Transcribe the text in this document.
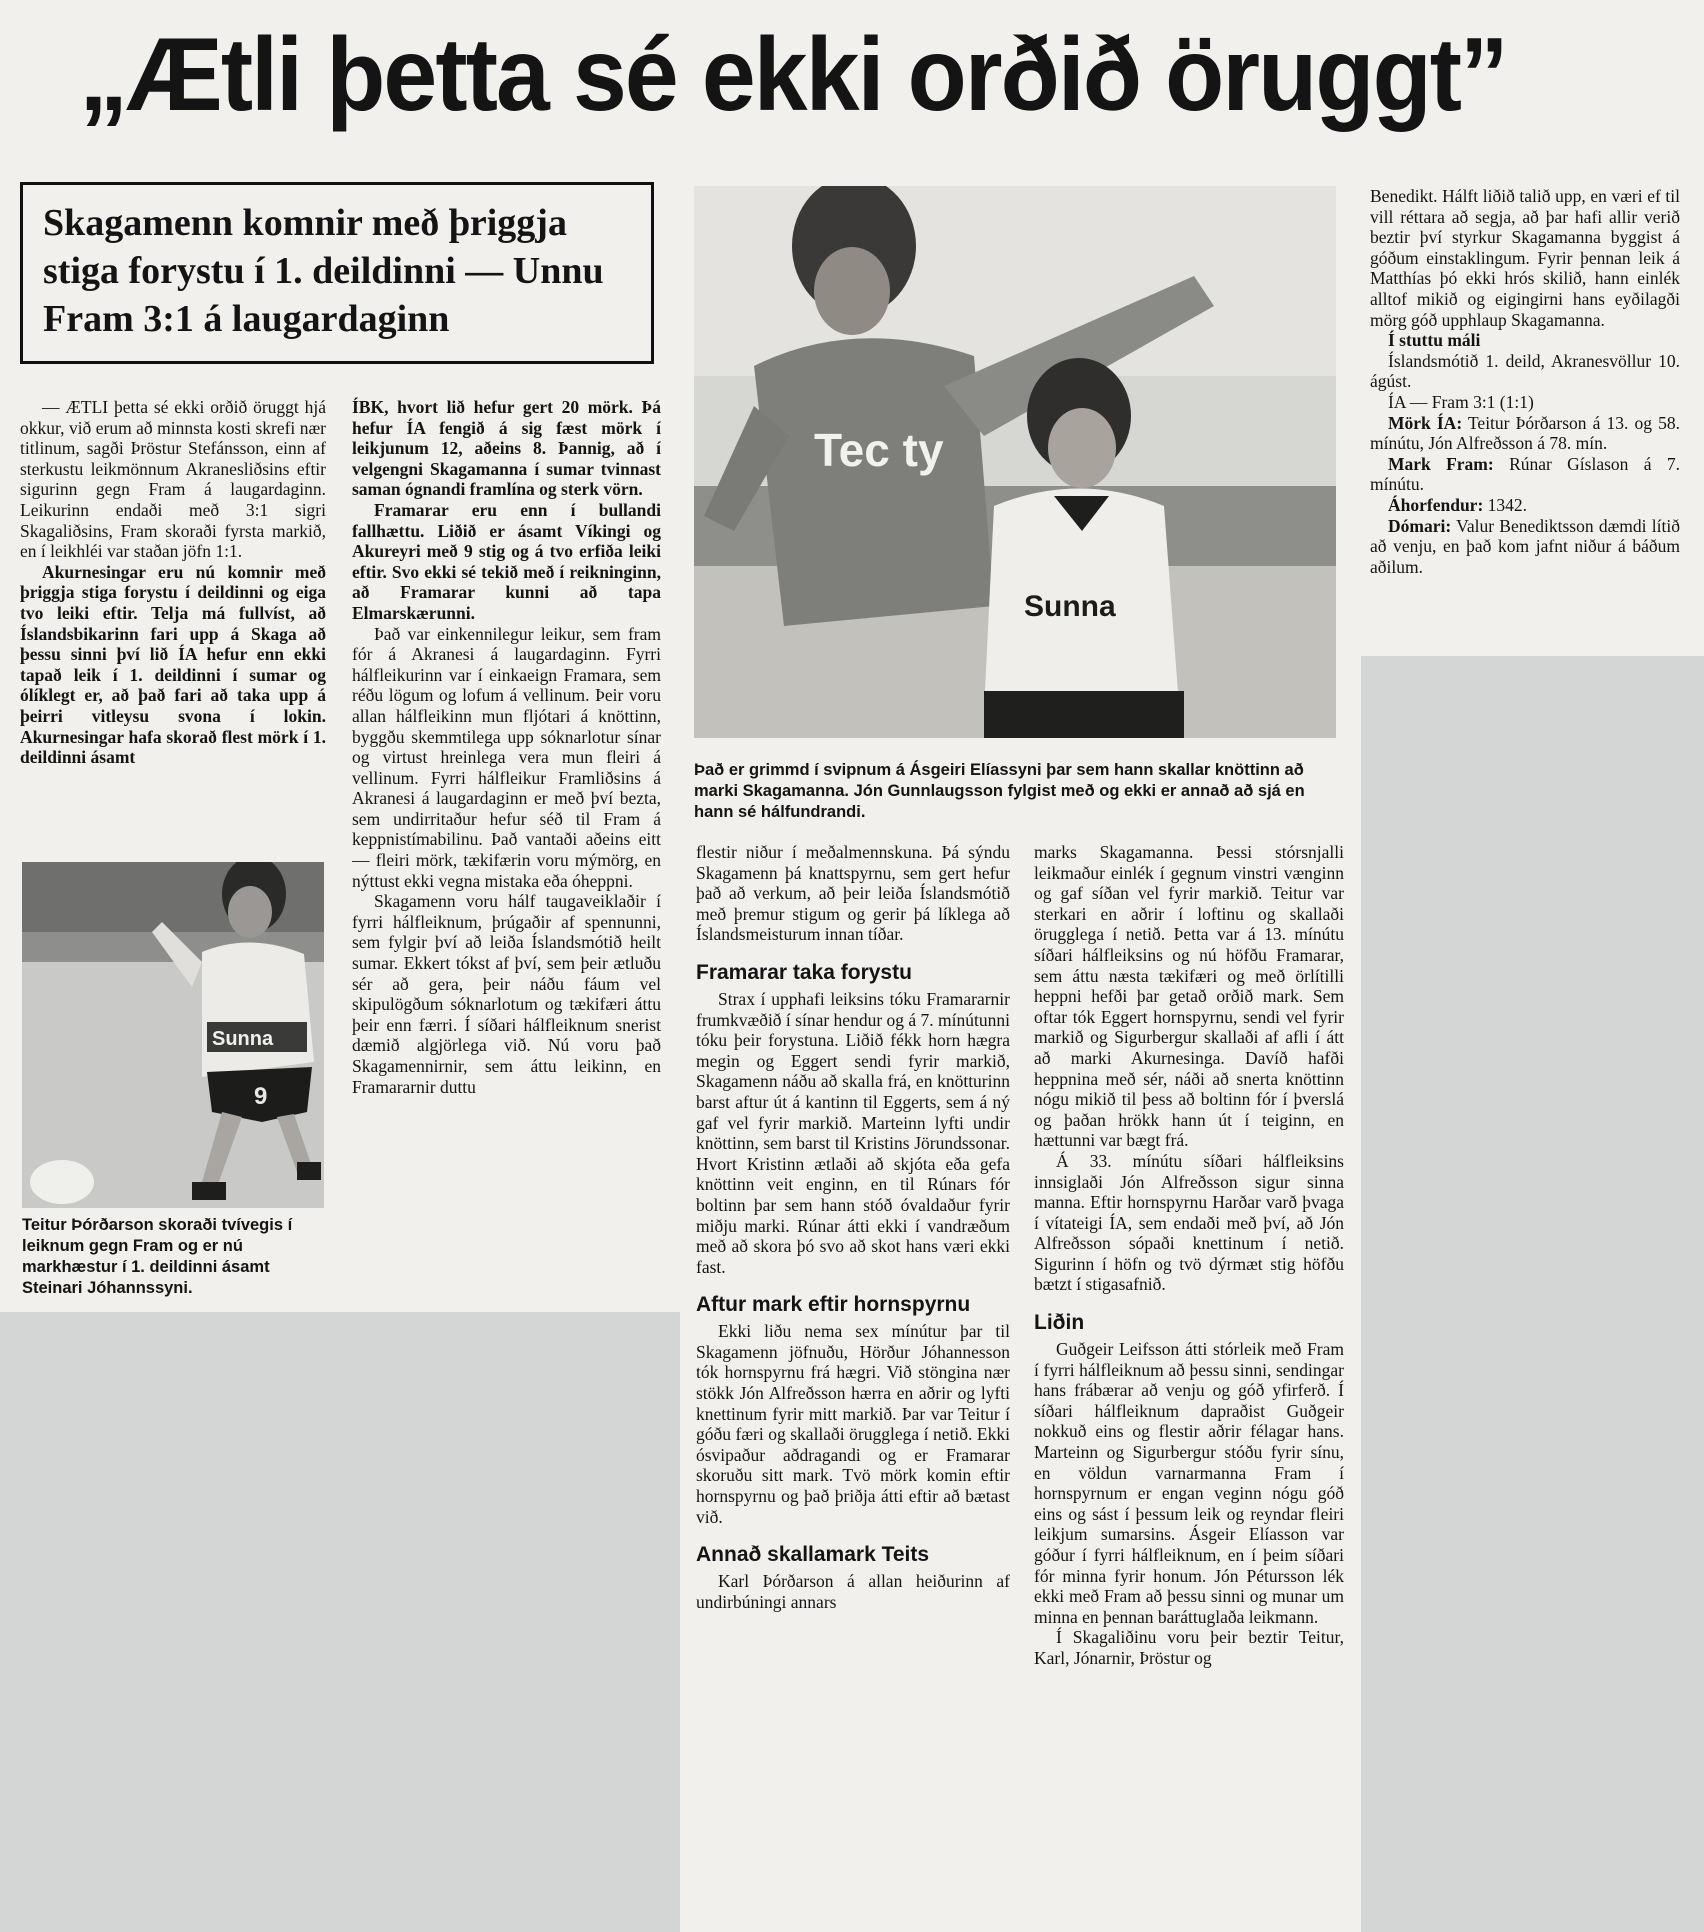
„Ætli þetta sé ekki orðið öruggt”
Skagamenn komnir með þriggja stiga forystu í 1. deildinni — Unnu Fram 3:1 á laugardaginn

— ÆTLI þetta sé ekki orðið öruggt hjá okkur, við erum að minnsta kosti skrefi nær titlinum, sagði Þröstur Stefánsson, einn af sterkustu leikmönnum Akranesliðsins eftir sigurinn gegn Fram á laugardaginn. Leikurinn endaði með 3:1 sigri Skagaliðsins, Fram skoraði fyrsta markið, en í leikhléi var staðan jöfn 1:1.

Akurnesingar eru nú komnir með þriggja stiga forystu í deildinni og eiga tvo leiki eftir. Telja má fullvíst, að Íslandsbikarinn fari upp á Skaga að þessu sinni því lið ÍA hefur enn ekki tapað leik í 1. deildinni í sumar og ólíklegt er, að það fari að taka upp á þeirri vitleysu svona í lokin. Akurnesingar hafa skorað flest mörk í 1. deildinni ásamt

Sunna
9
Teitur Þórðarson skoraði tvívegis í leiknum gegn Fram og er nú markhæstur í 1. deildinni ásamt Steinari Jóhannssyni.

ÍBK, hvort lið hefur gert 20 mörk. Þá hefur ÍA fengið á sig fæst mörk í leikjunum 12, aðeins 8. Þannig, að í velgengni Skagamanna í sumar tvinnast saman ógnandi framlína og sterk vörn.

Framarar eru enn í bullandi fallhættu. Liðið er ásamt Víkingi og Akureyri með 9 stig og á tvo erfiða leiki eftir. Svo ekki sé tekið með í reikninginn, að Framarar kunni að tapa Elmarskærunni.

Það var einkennilegur leikur, sem fram fór á Akranesi á laugardaginn. Fyrri hálfleikurinn var í einkaeign Framara, sem réðu lögum og lofum á vellinum. Þeir voru allan hálfleikinn mun fljótari á knöttinn, byggðu skemmtilega upp sóknarlotur sínar og virtust hreinlega vera mun fleiri á vellinum. Fyrri hálfleikur Framliðsins á Akranesi á laugardaginn er með því bezta, sem undirritaður hefur séð til Fram á keppnistímabilinu. Það vantaði aðeins eitt — fleiri mörk, tækifærin voru mýmörg, en nýttust ekki vegna mistaka eða óheppni.

Skagamenn voru hálf taugaveiklaðir í fyrri hálfleiknum, þrúgaðir af spennunni, sem fylgir því að leiða Íslandsmótið heilt sumar. Ekkert tókst af því, sem þeir ætluðu sér að gera, þeir náðu fáum vel skipulögðum sóknarlotum og tækifæri áttu þeir enn færri. Í síðari hálfleiknum snerist dæmið algjörlega við. Nú voru það Skagamennirnir, sem áttu leikinn, en Framararnir duttu

Tec ty
Sunna
Það er grimmd í svipnum á Ásgeiri Elíassyni þar sem hann skallar knöttinn að marki Skagamanna. Jón Gunnlaugsson fylgist með og ekki er annað að sjá en hann sé hálfundrandi.

flestir niður í meðalmennskuna. Þá sýndu Skagamenn þá knattspyrnu, sem gert hefur það að verkum, að þeir leiða Íslandsmótið með þremur stigum og gerir þá líklega að Íslandsmeisturum innan tíðar.

Framarar taka forystu

Strax í upphafi leiksins tóku Framararnir frumkvæðið í sínar hendur og á 7. mínútunni tóku þeir forystuna. Liðið fékk horn hægra megin og Eggert sendi fyrir markið, Skagamenn náðu að skalla frá, en knötturinn barst aftur út á kantinn til Eggerts, sem á ný gaf vel fyrir markið. Marteinn lyfti undir knöttinn, sem barst til Kristins Jörundssonar. Hvort Kristinn ætlaði að skjóta eða gefa knöttinn veit enginn, en til Rúnars fór boltinn þar sem hann stóð óvaldaður fyrir miðju marki. Rúnar átti ekki í vandræðum með að skora þó svo að skot hans væri ekki fast.

Aftur mark eftir hornspyrnu

Ekki liðu nema sex mínútur þar til Skagamenn jöfnuðu, Hörður Jóhannesson tók hornspyrnu frá hægri. Við stöngina nær stökk Jón Alfreðsson hærra en aðrir og lyfti knettinum fyrir mitt markið. Þar var Teitur í góðu færi og skallaði örugglega í netið. Ekki ósvipaður aðdragandi og er Framarar skoruðu sitt mark. Tvö mörk komin eftir hornspyrnu og það þriðja átti eftir að bætast við.

Annað skallamark Teits

Karl Þórðarson á allan heiðurinn af undirbúningi annars

marks Skagamanna. Þessi stórsnjalli leikmaður einlék í gegnum vinstri vænginn og gaf síðan vel fyrir markið. Teitur var sterkari en aðrir í loftinu og skallaði örugglega í netið. Þetta var á 13. mínútu síðari hálfleiksins og nú höfðu Framarar, sem áttu næsta tækifæri og með örlítilli heppni hefði þar getað orðið mark. Sem oftar tók Eggert hornspyrnu, sendi vel fyrir markið og Sigurbergur skallaði af afli í átt að marki Akurnesinga. Davíð hafði heppnina með sér, náði að snerta knöttinn nógu mikið til þess að boltinn fór í þverslá og þaðan hrökk hann út í teiginn, en hættunni var bægt frá.

Á 33. mínútu síðari hálfleiksins innsiglaði Jón Alfreðsson sigur sinna manna. Eftir hornspyrnu Harðar varð þvaga í vítateigi ÍA, sem endaði með því, að Jón Alfreðsson sópaði knettinum í netið. Sigurinn í höfn og tvö dýrmæt stig höfðu bætzt í stigasafnið.

Liðin

Guðgeir Leifsson átti stórleik með Fram í fyrri hálfleiknum að þessu sinni, sendingar hans frábærar að venju og góð yfirferð. Í síðari hálfleiknum dapraðist Guðgeir nokkuð eins og flestir aðrir félagar hans. Marteinn og Sigurbergur stóðu fyrir sínu, en völdun varnarmanna Fram í hornspyrnum er engan veginn nógu góð eins og sást í þessum leik og reyndar fleiri leikjum sumarsins. Ásgeir Elíasson var góður í fyrri hálfleiknum, en í þeim síðari fór minna fyrir honum. Jón Pétursson lék ekki með Fram að þessu sinni og munar um minna en þennan baráttuglaða leikmann.

Í Skagaliðinu voru þeir beztir Teitur, Karl, Jónarnir, Þröstur og

Benedikt. Hálft liðið talið upp, en væri ef til vill réttara að segja, að þar hafi allir verið beztir því styrkur Skagamanna byggist á góðum einstaklingum. Fyrir þennan leik á Matthías þó ekki hrós skilið, hann einlék alltof mikið og eigingirni hans eyðilagði mörg góð upphlaup Skagamanna.

Í stuttu máli

Íslandsmótið 1. deild, Akranesvöllur 10. ágúst.

ÍA — Fram 3:1 (1:1)

Mörk ÍA: Teitur Þórðarson á 13. og 58. mínútu, Jón Alfreðsson á 78. mín.

Mark Fram: Rúnar Gíslason á 7. mínútu.

Áhorfendur: 1342.

Dómari: Valur Benediktsson dæmdi lítið að venju, en það kom jafnt niður á báðum aðilum.
